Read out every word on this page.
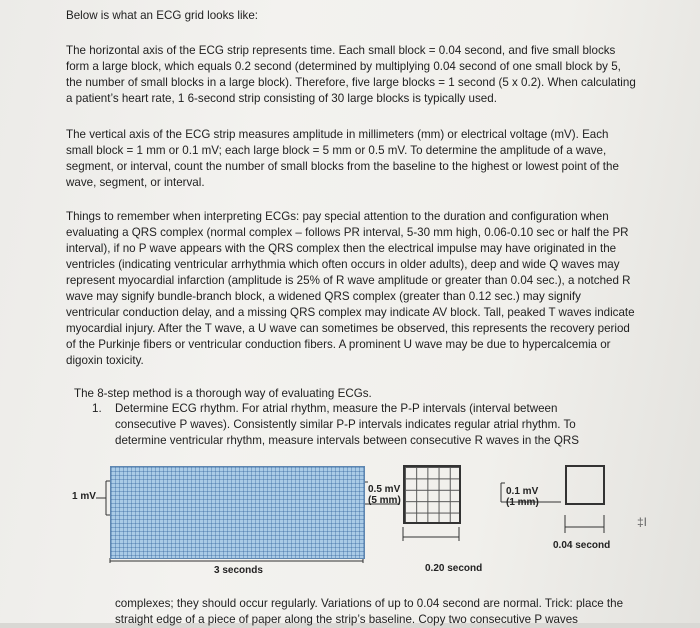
Below is what an ECG grid looks like:

The horizontal axis of the ECG strip represents time. Each small block = 0.04 second, and five small blocks form a large block, which equals 0.2 second (determined by multiplying 0.04 second of one small block by 5, the number of small blocks in a large block). Therefore, five large blocks = 1 second (5 x 0.2). When calculating a patient’s heart rate, 1 6-second strip consisting of 30 large blocks is typically used.

The vertical axis of the ECG strip measures amplitude in millimeters (mm) or electrical voltage (mV). Each small block = 1 mm or 0.1 mV; each large block = 5 mm or 0.5 mV. To determine the amplitude of a wave, segment, or interval, count the number of small blocks from the baseline to the highest or lowest point of the wave, segment, or interval.

Things to remember when interpreting ECGs: pay special attention to the duration and configuration when evaluating a QRS complex (normal complex – follows PR interval, 5-30 mm high, 0.06-0.10 sec or half the PR interval), if no P wave appears with the QRS complex then the electrical impulse may have originated in the ventricles (indicating ventricular arrhythmia which often occurs in older adults), deep and wide Q waves may represent myocardial infarction (amplitude is 25% of R wave amplitude or greater than 0.04 sec.), a notched R wave may signify bundle-branch block, a widened QRS complex (greater than 0.12 sec.) may signify ventricular conduction delay, and a missing QRS complex may indicate AV block. Tall, peaked T waves indicate myocardial injury. After the T wave, a U wave can sometimes be observed, this represents the recovery period of the Purkinje fibers or ventricular conduction fibers. A prominent U wave may be due to hypercalcemia or digoxin toxicity.

The 8-step method is a thorough way of evaluating ECGs.

1. Determine ECG rhythm. For atrial rhythm, measure the P-P intervals (interval between consecutive P waves). Consistently similar P-P intervals indicates regular atrial rhythm. To determine ventricular rhythm, measure intervals between consecutive R waves in the QRS
1 mV
0.5 mV
(5 mm)
0.1 mV
(1 mm)
0.04 second
3 seconds	0.20 second
‡I

complexes; they should occur regularly. Variations of up to 0.04 second are normal. Trick: place the straight edge of a piece of paper along the strip’s baseline. Copy two consecutive P waves
